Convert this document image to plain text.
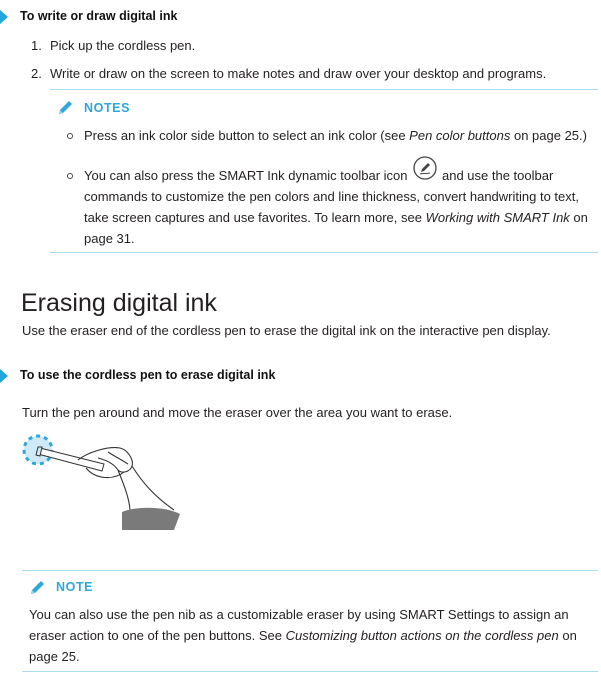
To write or draw digital ink
1. Pick up the cordless pen.
2. Write or draw on the screen to make notes and draw over your desktop and programs.
NOTES
Press an ink color side button to select an ink color (see Pen color buttons on page 25.)
You can also press the SMART Ink dynamic toolbar icon	and use the toolbar
commands to customize the pen colors and line thickness, convert handwriting to text,
take screen captures and use favorites. To learn more, see Working with SMART Ink on
page 31.
Erasing digital ink
Use the eraser end of the cordless pen to erase the digital ink on the interactive pen display.
To use the cordless pen to erase digital ink
Turn the pen around and move the eraser over the area you want to erase.
NOTE
You can also use the pen nib as a customizable eraser by using SMART Settings to assign an
eraser action to one of the pen buttons. See Customizing button actions on the cordless pen on
page 25.
